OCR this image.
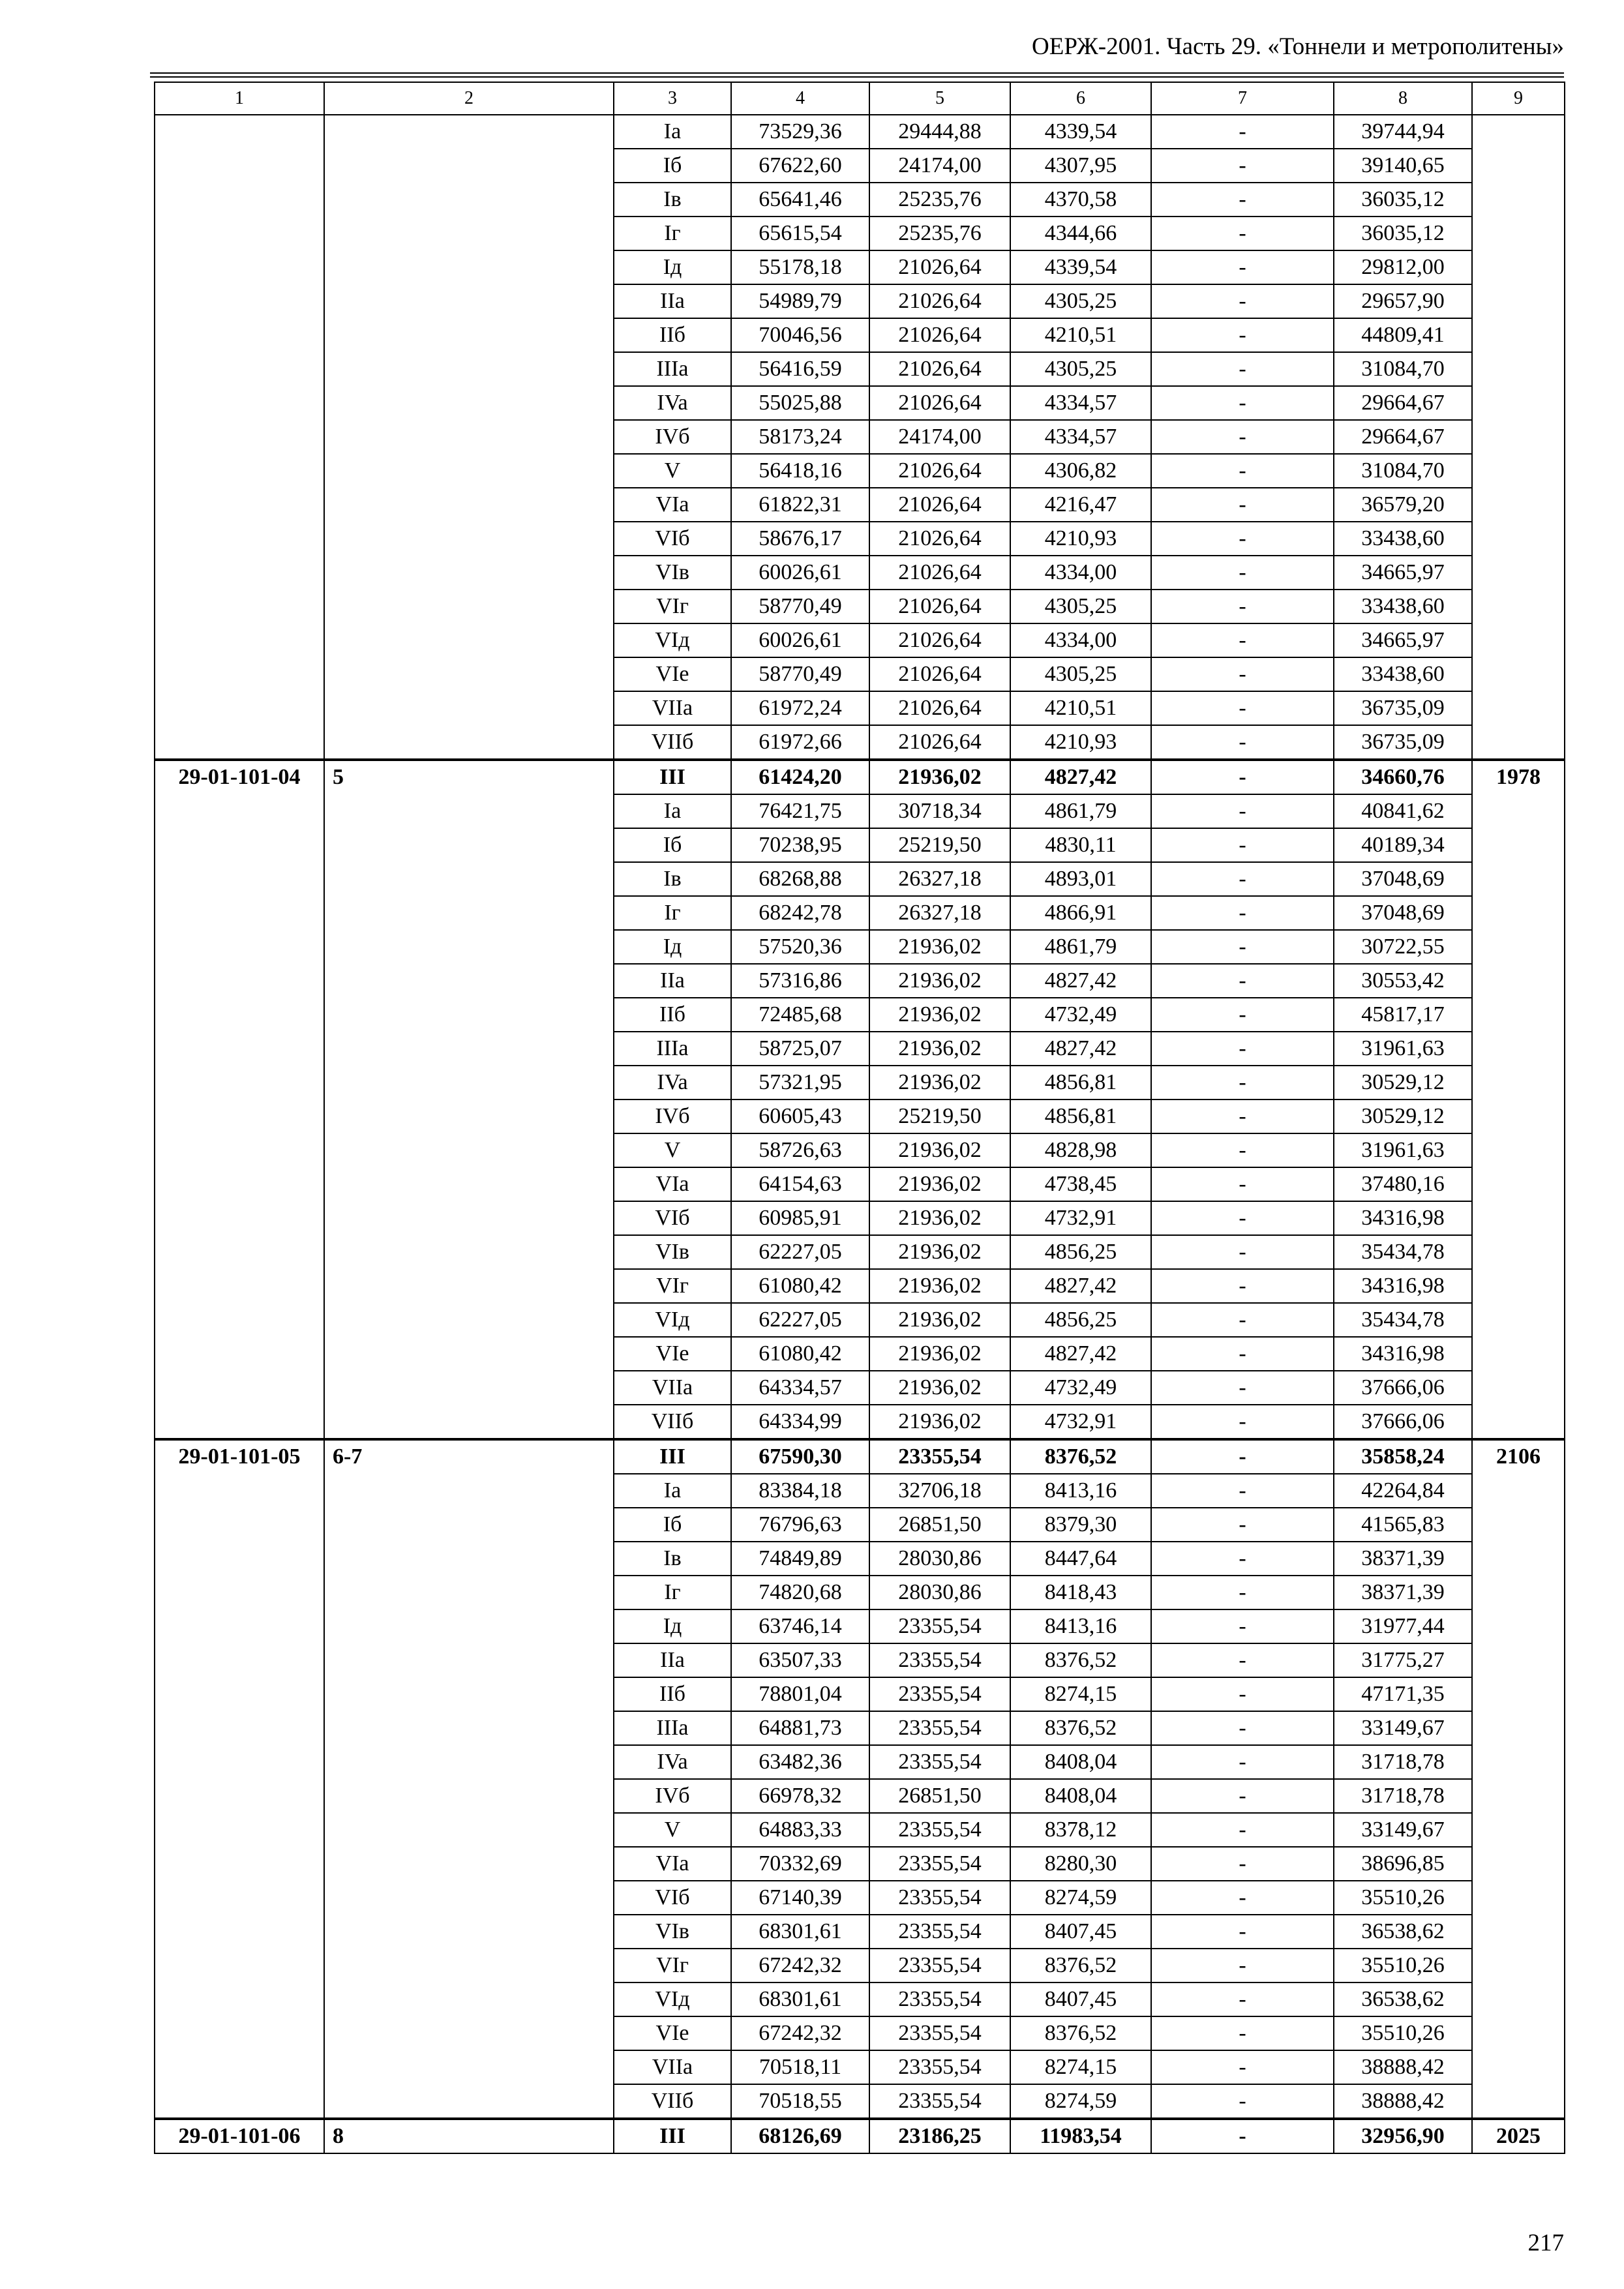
ОЕРЖ-2001. Часть 29. «Тоннели и метрополитены»
1	2	3	4	5	6	7	8	9
		Ia	73529,36	29444,88	4339,54	-	39744,94	
		Iб	67622,60	24174,00	4307,95	-	39140,65	
		Iв	65641,46	25235,76	4370,58	-	36035,12	
		Iг	65615,54	25235,76	4344,66	-	36035,12	
		Iд	55178,18	21026,64	4339,54	-	29812,00	
		IIa	54989,79	21026,64	4305,25	-	29657,90	
		IIб	70046,56	21026,64	4210,51	-	44809,41	
		IIIa	56416,59	21026,64	4305,25	-	31084,70	
		IVa	55025,88	21026,64	4334,57	-	29664,67	
		IVб	58173,24	24174,00	4334,57	-	29664,67	
		V	56418,16	21026,64	4306,82	-	31084,70	
		VIa	61822,31	21026,64	4216,47	-	36579,20	
		VIб	58676,17	21026,64	4210,93	-	33438,60	
		VIв	60026,61	21026,64	4334,00	-	34665,97	
		VIг	58770,49	21026,64	4305,25	-	33438,60	
		VIд	60026,61	21026,64	4334,00	-	34665,97	
		VIe	58770,49	21026,64	4305,25	-	33438,60	
		VIIa	61972,24	21026,64	4210,51	-	36735,09	
		VIIб	61972,66	21026,64	4210,93	-	36735,09	
29-01-101-04	5	III	61424,20	21936,02	4827,42	-	34660,76	1978
		Ia	76421,75	30718,34	4861,79	-	40841,62	
		Iб	70238,95	25219,50	4830,11	-	40189,34	
		Iв	68268,88	26327,18	4893,01	-	37048,69	
		Iг	68242,78	26327,18	4866,91	-	37048,69	
		Iд	57520,36	21936,02	4861,79	-	30722,55	
		IIa	57316,86	21936,02	4827,42	-	30553,42	
		IIб	72485,68	21936,02	4732,49	-	45817,17	
		IIIa	58725,07	21936,02	4827,42	-	31961,63	
		IVa	57321,95	21936,02	4856,81	-	30529,12	
		IVб	60605,43	25219,50	4856,81	-	30529,12	
		V	58726,63	21936,02	4828,98	-	31961,63	
		VIa	64154,63	21936,02	4738,45	-	37480,16	
		VIб	60985,91	21936,02	4732,91	-	34316,98	
		VIв	62227,05	21936,02	4856,25	-	35434,78	
		VIг	61080,42	21936,02	4827,42	-	34316,98	
		VIд	62227,05	21936,02	4856,25	-	35434,78	
		VIe	61080,42	21936,02	4827,42	-	34316,98	
		VIIa	64334,57	21936,02	4732,49	-	37666,06	
		VIIб	64334,99	21936,02	4732,91	-	37666,06	
29-01-101-05	6-7	III	67590,30	23355,54	8376,52	-	35858,24	2106
		Ia	83384,18	32706,18	8413,16	-	42264,84	
		Iб	76796,63	26851,50	8379,30	-	41565,83	
		Iв	74849,89	28030,86	8447,64	-	38371,39	
		Iг	74820,68	28030,86	8418,43	-	38371,39	
		Iд	63746,14	23355,54	8413,16	-	31977,44	
		IIa	63507,33	23355,54	8376,52	-	31775,27	
		IIб	78801,04	23355,54	8274,15	-	47171,35	
		IIIa	64881,73	23355,54	8376,52	-	33149,67	
		IVa	63482,36	23355,54	8408,04	-	31718,78	
		IVб	66978,32	26851,50	8408,04	-	31718,78	
		V	64883,33	23355,54	8378,12	-	33149,67	
		VIa	70332,69	23355,54	8280,30	-	38696,85	
		VIб	67140,39	23355,54	8274,59	-	35510,26	
		VIв	68301,61	23355,54	8407,45	-	36538,62	
		VIг	67242,32	23355,54	8376,52	-	35510,26	
		VIд	68301,61	23355,54	8407,45	-	36538,62	
		VIe	67242,32	23355,54	8376,52	-	35510,26	
		VIIa	70518,11	23355,54	8274,15	-	38888,42	
		VIIб	70518,55	23355,54	8274,59	-	38888,42	
29-01-101-06	8	III	68126,69	23186,25	11983,54	-	32956,90	2025
217
